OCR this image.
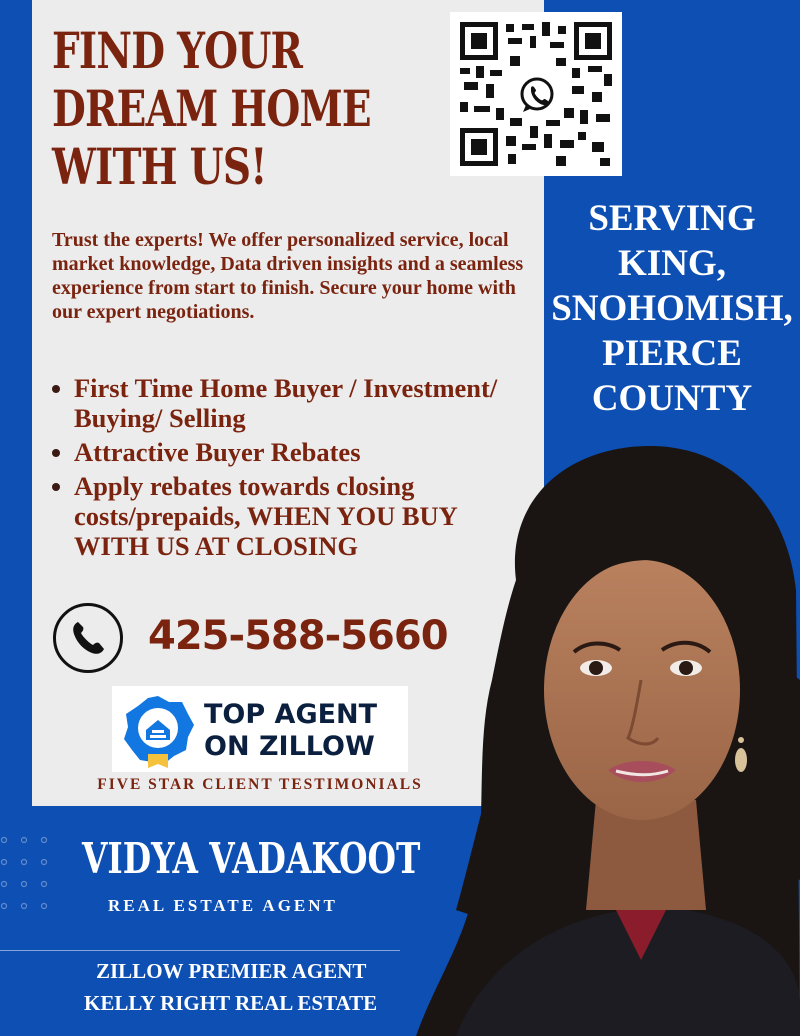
FIND YOUR
DREAM HOME
WITH US!

Trust the experts! We offer personalized service, local market knowledge, Data driven insights and a seamless experience from start to finish. Secure your home with our expert negotiations.

First Time Home Buyer / Investment/ Buying/ Selling
Attractive Buyer Rebates
Apply rebates towards closing costs/prepaids, WHEN YOU BUY WITH US AT CLOSING

425-588-5660

TOP AGENT

ON ZILLOW

FIVE STAR CLIENT TESTIMONIALS

SERVING
KING,
SNOHOMISH,
PIERCE
COUNTY
VIDYA VADAKOOT

REAL ESTATE AGENT

ZILLOW PREMIER AGENT

KELLY RIGHT REAL ESTATE
